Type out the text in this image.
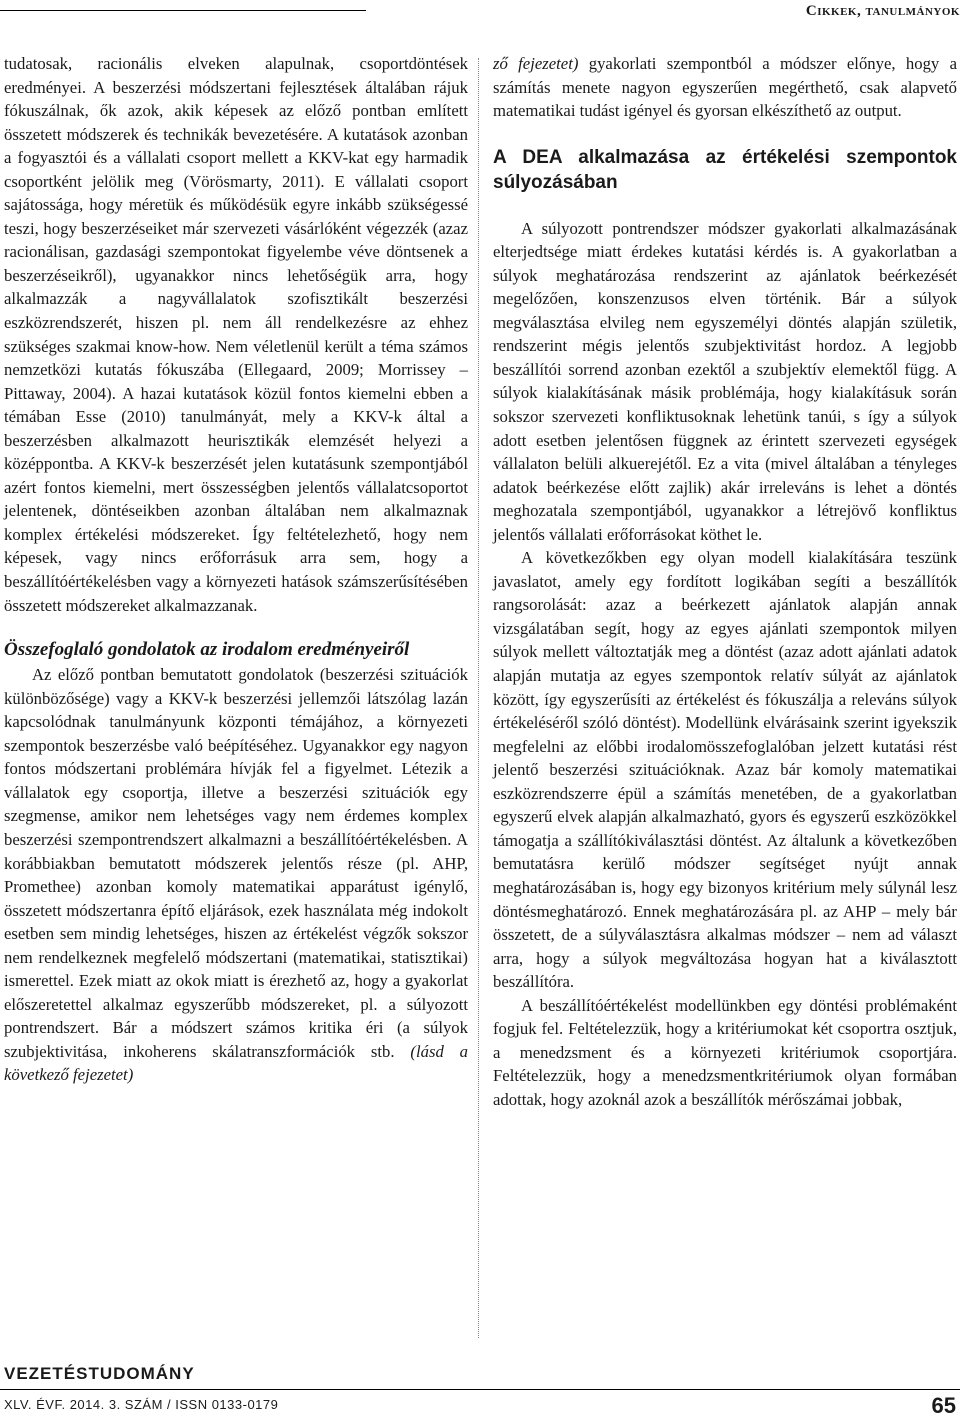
Cikkek, tanulmányok

tudatosak, racionális elveken alapulnak, csoportdöntések eredményei. A beszerzési módszertani fejlesztések általában rájuk fókuszálnak, ők azok, akik képesek az előző pontban említett összetett módszerek és technikák bevezetésére. A kutatások azonban a fogyasztói és a vállalati csoport mellett a KKV-kat egy harmadik csoportként jelölik meg (Vörösmarty, 2011). E vállalati csoport sajátossága, hogy méretük és működésük egyre inkább szükségessé teszi, hogy beszerzéseiket már szervezeti vásárlóként végezzék (azaz racionálisan, gazdasági szempontokat figyelembe véve döntsenek a beszerzéseikről), ugyanakkor nincs lehetőségük arra, hogy alkalmazzák a nagyvállalatok szofisztikált beszerzési eszközrendszerét, hiszen pl. nem áll rendelkezésre az ehhez szükséges szakmai know-how. Nem véletlenül került a téma számos nemzetközi kutatás fókuszába (Ellegaard, 2009; Morrissey – Pittaway, 2004). A hazai kutatások közül fontos kiemelni ebben a témában Esse (2010) tanulmányát, mely a KKV-k által a beszerzésben alkalmazott heurisztikák elemzését helyezi a középpontba. A KKV-k beszerzését jelen kutatásunk szempontjából azért fontos kiemelni, mert összességben jelentős vállalatcsoportot jelentenek, döntéseikben azonban általában nem alkalmaznak komplex értékelési módszereket. Így feltételezhető, hogy nem képesek, vagy nincs erőforrásuk arra sem, hogy a beszállítóértékelésben vagy a környezeti hatások számszerűsítésében összetett módszereket alkalmazzanak.

Összefoglaló gondolatok az irodalom eredményeiről

Az előző pontban bemutatott gondolatok (beszerzési szituációk különbözősége) vagy a KKV-k beszerzési jellemzői látszólag lazán kapcsolódnak tanulmányunk központi témájához, a környezeti szempontok beszerzésbe való beépítéséhez. Ugyanakkor egy nagyon fontos módszertani problémára hívják fel a figyelmet. Létezik a vállalatok egy csoportja, illetve a beszerzési szituációk egy szegmense, amikor nem lehetséges vagy nem érdemes komplex beszerzési szempontrendszert alkalmazni a beszállítóértékelésben. A korábbiakban bemutatott módszerek jelentős része (pl. AHP, Promethee) azonban komoly matematikai apparátust igénylő, összetett módszertanra építő eljárások, ezek használata még indokolt esetben sem mindig lehetséges, hiszen az értékelést végzők sokszor nem rendelkeznek megfelelő módszertani (matematikai, statisztikai) ismerettel. Ezek miatt az okok miatt is érezhető az, hogy a gyakorlat előszeretettel alkalmaz egyszerűbb módszereket, pl. a súlyozott pontrendszert. Bár a módszert számos kritika éri (a súlyok szubjektivitása, inkoherens skálatranszformációk stb. (lásd a következő fejezetet)

ző fejezetet) gyakorlati szempontból a módszer előnye, hogy a számítás menete nagyon egyszerűen megérthető, csak alapvető matematikai tudást igényel és gyorsan elkészíthető az output.

A DEA alkalmazása az értékelési szempontok súlyozásában

A súlyozott pontrendszer módszer gyakorlati alkalmazásának elterjedtsége miatt érdekes kutatási kérdés is. A gyakorlatban a súlyok meghatározása rendszerint az ajánlatok beérkezését megelőzően, konszenzusos elven történik. Bár a súlyok megválasztása elvileg nem egyszemélyi döntés alapján születik, rendszerint mégis jelentős szubjektivitást hordoz. A legjobb beszállítói sorrend azonban ezektől a szubjektív elemektől függ. A súlyok kialakításának másik problémája, hogy kialakításuk során sokszor szervezeti konfliktusoknak lehetünk tanúi, s így a súlyok adott esetben jelentősen függnek az érintett szervezeti egységek vállalaton belüli alkuerejétől. Ez a vita (mivel általában a tényleges adatok beérkezése előtt zajlik) akár irreleváns is lehet a döntés meghozatala szempontjából, ugyanakkor a létrejövő konfliktus jelentős vállalati erőforrásokat köthet le.

A következőkben egy olyan modell kialakítására teszünk javaslatot, amely egy fordított logikában segíti a beszállítók rangsorolását: azaz a beérkezett ajánlatok alapján annak vizsgálatában segít, hogy az egyes ajánlati szempontok milyen súlyok mellett változtatják meg a döntést (azaz adott ajánlati adatok alapján mutatja az egyes szempontok relatív súlyát az ajánlatok között, így egyszerűsíti az értékelést és fókuszálja a releváns súlyok értékeléséről szóló döntést). Modellünk elvárásaink szerint igyekszik megfelelni az előbbi irodalomösszefoglalóban jelzett kutatási rést jelentő beszerzési szituációknak. Azaz bár komoly matematikai eszközrendszerre épül a számítás menetében, de a gyakorlatban egyszerű elvek alapján alkalmazható, gyors és egyszerű eszközökkel támogatja a szállítókiválasztási döntést. Az általunk a következőben bemutatásra kerülő módszer segítséget nyújt annak meghatározásában is, hogy egy bizonyos kritérium mely súlynál lesz döntésmeghatározó. Ennek meghatározására pl. az AHP – mely bár összetett, de a súlyválasztásra alkalmas módszer – nem ad választ arra, hogy a súlyok megváltozása hogyan hat a kiválasztott beszállítóra.

A beszállítóértékelést modellünkben egy döntési problémaként fogjuk fel. Feltételezzük, hogy a kritériumokat két csoportra osztjuk, a menedzsment és a környezeti kritériumok csoportjára. Feltételezzük, hogy a menedzsmentkritériumok olyan formában adottak, hogy azoknál azok a beszállítók mérőszámai jobbak,

VEZETÉSTUDOMÁNY
XLV. ÉVF. 2014. 3. SZÁM / ISSN 0133-0179	65
